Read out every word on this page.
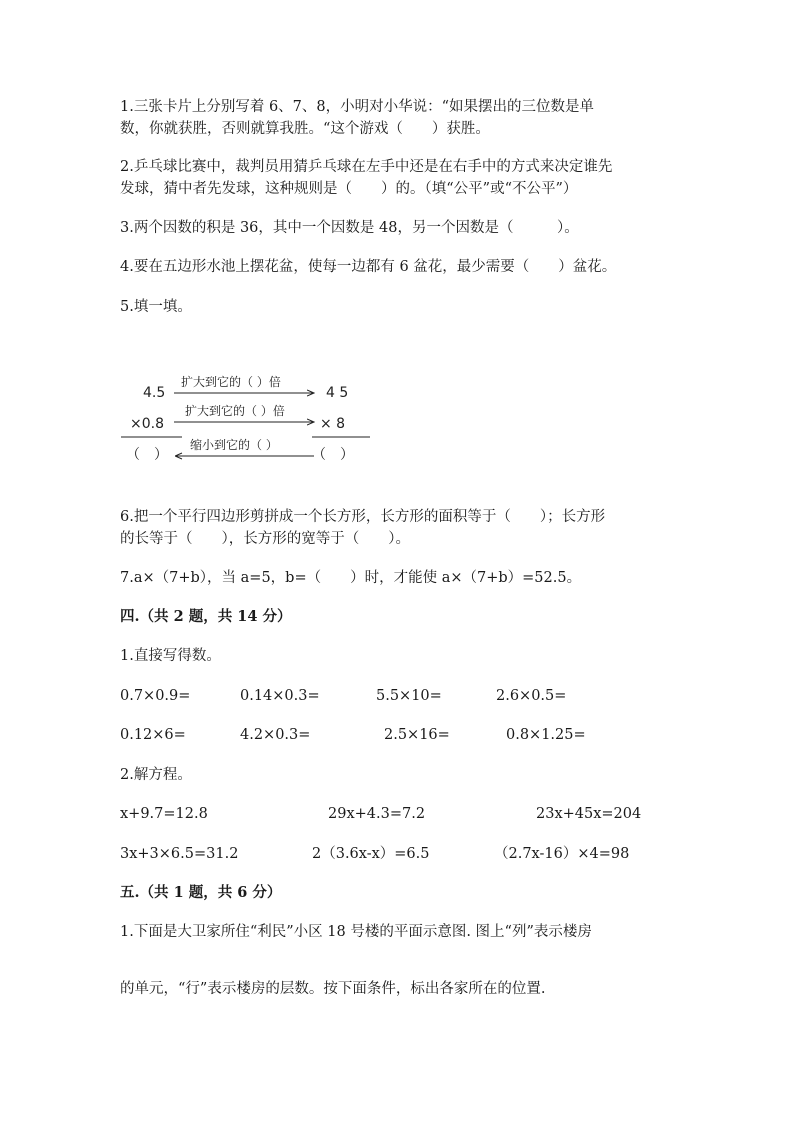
1.三张卡片上分别写着 6、7、8，小明对小华说：“如果摆出的三位数是单
数，你就获胜，否则就算我胜。“这个游戏（　　）获胜。
2.乒乓球比赛中，裁判员用猜乒乓球在左手中还是在右手中的方式来决定谁先
发球，猜中者先发球，这种规则是（　　）的。（填“公平”或“不公平”）
3.两个因数的积是 36，其中一个因数是 48，另一个因数是（　　　）。
4.要在五边形水池上摆花盆，使每一边都有 6 盆花，最少需要（　　）盆花。
5.填一填。
4.5
×0.8
（　）
4 5
× 8
（　）
扩大到它的（ ）倍
扩大到它的（ ）倍
缩小到它的（ ）
6.把一个平行四边形剪拼成一个长方形，长方形的面积等于（　　）；长方形
的长等于（　　），长方形的宽等于（　　）。
7.a×（7+b），当 a=5，b=（　　）时，才能使 a×（7+b）=52.5。
四.（共 2 题，共 14 分）
1.直接写得数。
0.7×0.9=	0.14×0.3=	5.5×10=	2.6×0.5=
0.12×6=	4.2×0.3=	2.5×16=	0.8×1.25=
2.解方程。
x+9.7=12.8	29x+4.3=7.2	23x+45x=204
3x+3×6.5=31.2	2（3.6x-x）=6.5	（2.7x-16）×4=98
五.（共 1 题，共 6 分）
1.下面是大卫家所住“利民”小区 18 号楼的平面示意图. 图上“列”表示楼房
的单元，“行”表示楼房的层数。按下面条件，标出各家所在的位置.
